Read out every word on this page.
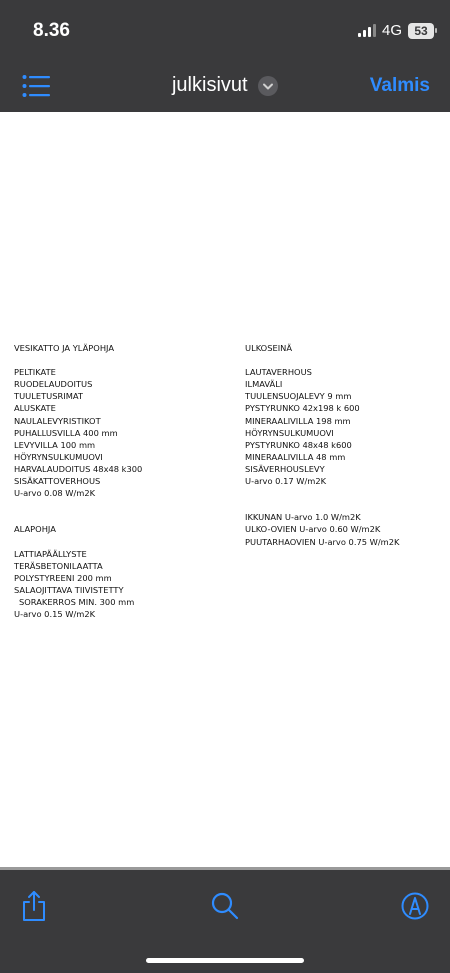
8.36	4G	53
julkisivut	Valmis
VESIKATTO JA YLÄPOHJA
PELTIKATE
RUODELAUDOITUS
TUULETUSRIMAT
ALUSKATE
NAULALEVYRISTIKOT
PUHALLUSVILLA 400 mm
LEVYVILLA 100 mm
HÖYRYNSULKUMUOVI
HARVALAUDOITUS 48x48 k300
SISÄKATTOVERHOUS
U-arvo 0.08 W/m2K
ALAPOHJA
LATTIAPÄÄLLYSTE
TERÄSBETONILAATTA
POLYSTYREENI 200 mm
SALAOJITTAVA TIIVISTETTY
SORAKERROS MIN. 300 mm
U-arvo 0.15 W/m2K
ULKOSEINÄ
LAUTAVERHOUS
ILMAVÄLI
TUULENSUOJALEVY 9 mm
PYSTYRUNKO 42x198 k 600
MINERAALIVILLA 198 mm
HÖYRYNSULKUMUOVI
PYSTYRUNKO 48x48 k600
MINERAALIVILLA 48 mm
SISÄVERHOUSLEVY
U-arvo 0.17 W/m2K
IKKUNAN U-arvo 1.0 W/m2K
ULKO-OVIEN U-arvo 0.60 W/m2K
PUUTARHAOVIEN U-arvo 0.75 W/m2K
